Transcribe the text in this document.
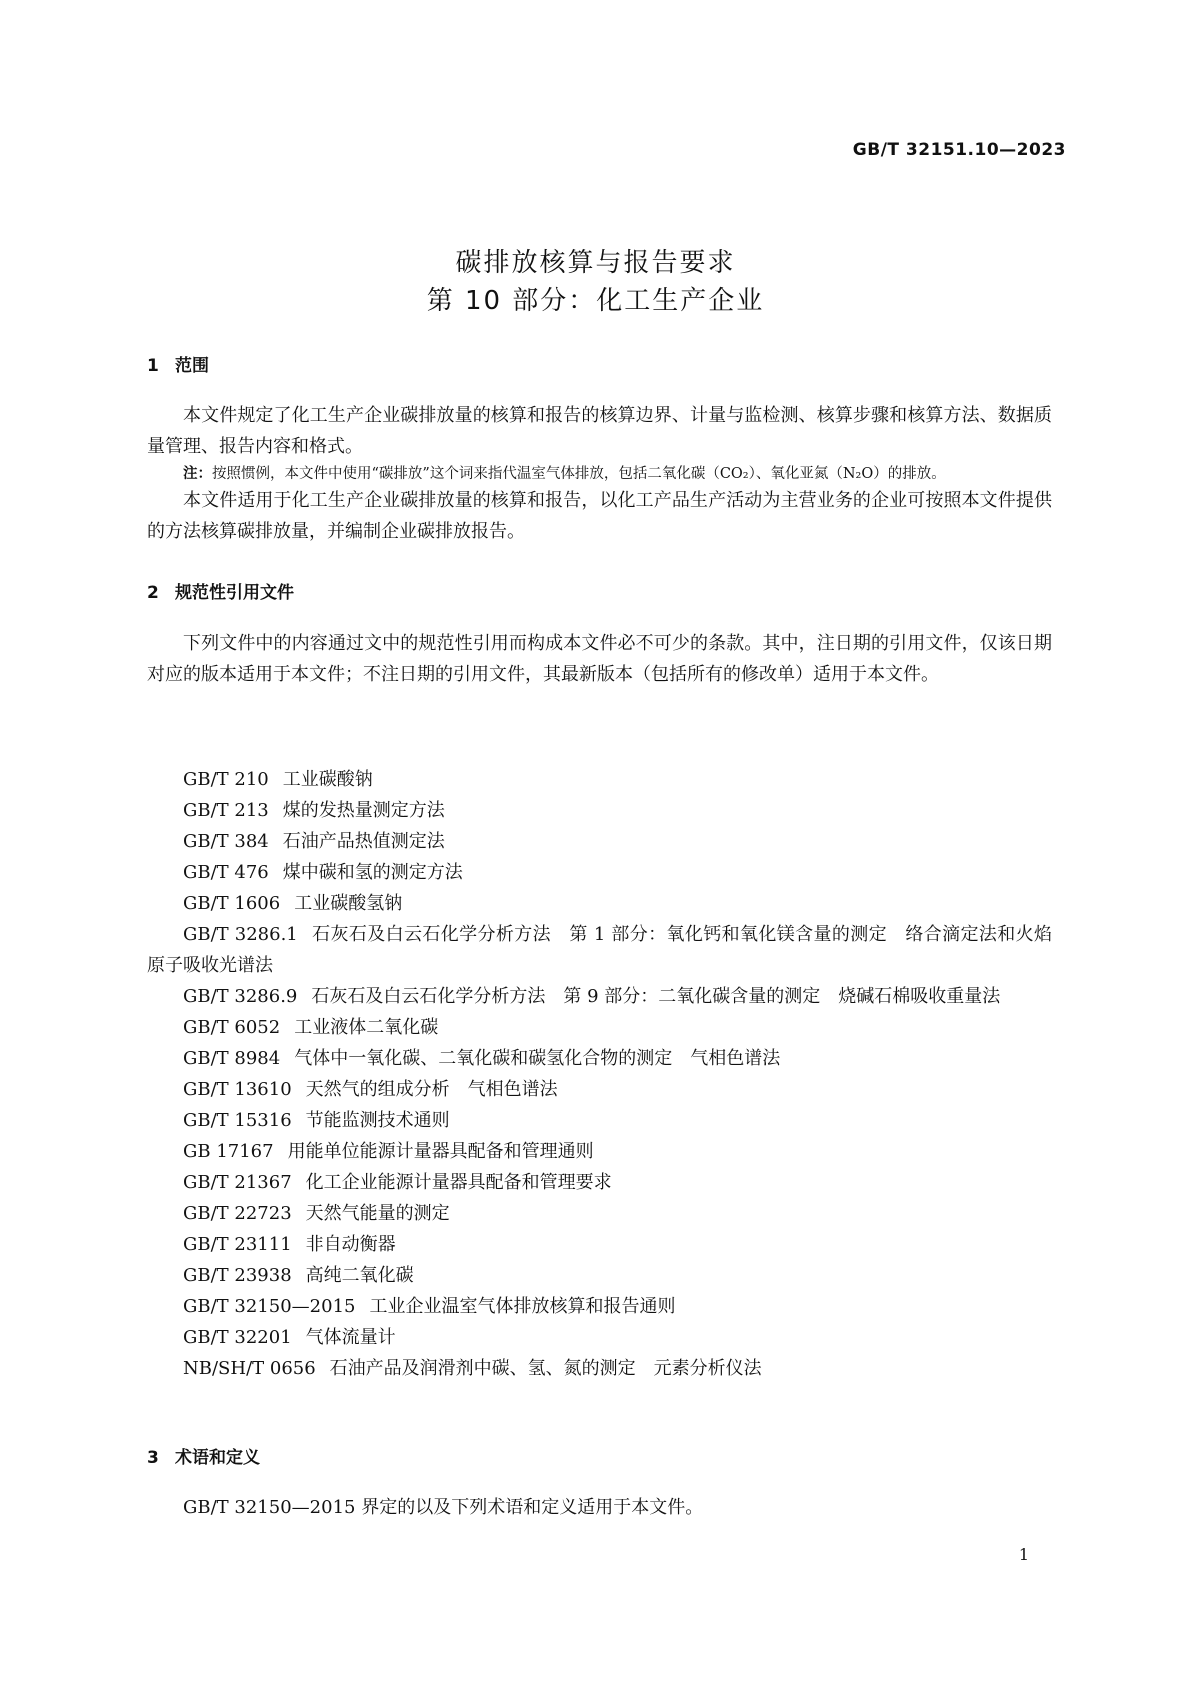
GB/T 32151.10—2023
碳排放核算与报告要求
第 10 部分：化工生产企业
1 范围
本文件规定了化工生产企业碳排放量的核算和报告的核算边界、计量与监检测、核算步骤和核算方法、数据质量管理、报告内容和格式。
注：按照惯例，本文件中使用“碳排放”这个词来指代温室气体排放，包括二氧化碳（CO₂）、氧化亚氮（N₂O）的排放。
本文件适用于化工生产企业碳排放量的核算和报告，以化工产品生产活动为主营业务的企业可按照本文件提供的方法核算碳排放量，并编制企业碳排放报告。
2 规范性引用文件
下列文件中的内容通过文中的规范性引用而构成本文件必不可少的条款。其中，注日期的引用文件，仅该日期对应的版本适用于本文件；不注日期的引用文件，其最新版本（包括所有的修改单）适用于本文件。
GB/T 210 工业碳酸钠
GB/T 213 煤的发热量测定方法
GB/T 384 石油产品热值测定法
GB/T 476 煤中碳和氢的测定方法
GB/T 1606 工业碳酸氢钠
GB/T 3286.1 石灰石及白云石化学分析方法　第 1 部分：氧化钙和氧化镁含量的测定　络合滴定法和火焰原子吸收光谱法
GB/T 3286.9 石灰石及白云石化学分析方法　第 9 部分：二氧化碳含量的测定　烧碱石棉吸收重量法
GB/T 6052 工业液体二氧化碳
GB/T 8984 气体中一氧化碳、二氧化碳和碳氢化合物的测定　气相色谱法
GB/T 13610 天然气的组成分析　气相色谱法
GB/T 15316 节能监测技术通则
GB 17167 用能单位能源计量器具配备和管理通则
GB/T 21367 化工企业能源计量器具配备和管理要求
GB/T 22723 天然气能量的测定
GB/T 23111 非自动衡器
GB/T 23938 高纯二氧化碳
GB/T 32150—2015 工业企业温室气体排放核算和报告通则
GB/T 32201 气体流量计
NB/SH/T 0656 石油产品及润滑剂中碳、氢、氮的测定　元素分析仪法
3 术语和定义
GB/T 32150—2015 界定的以及下列术语和定义适用于本文件。
1
